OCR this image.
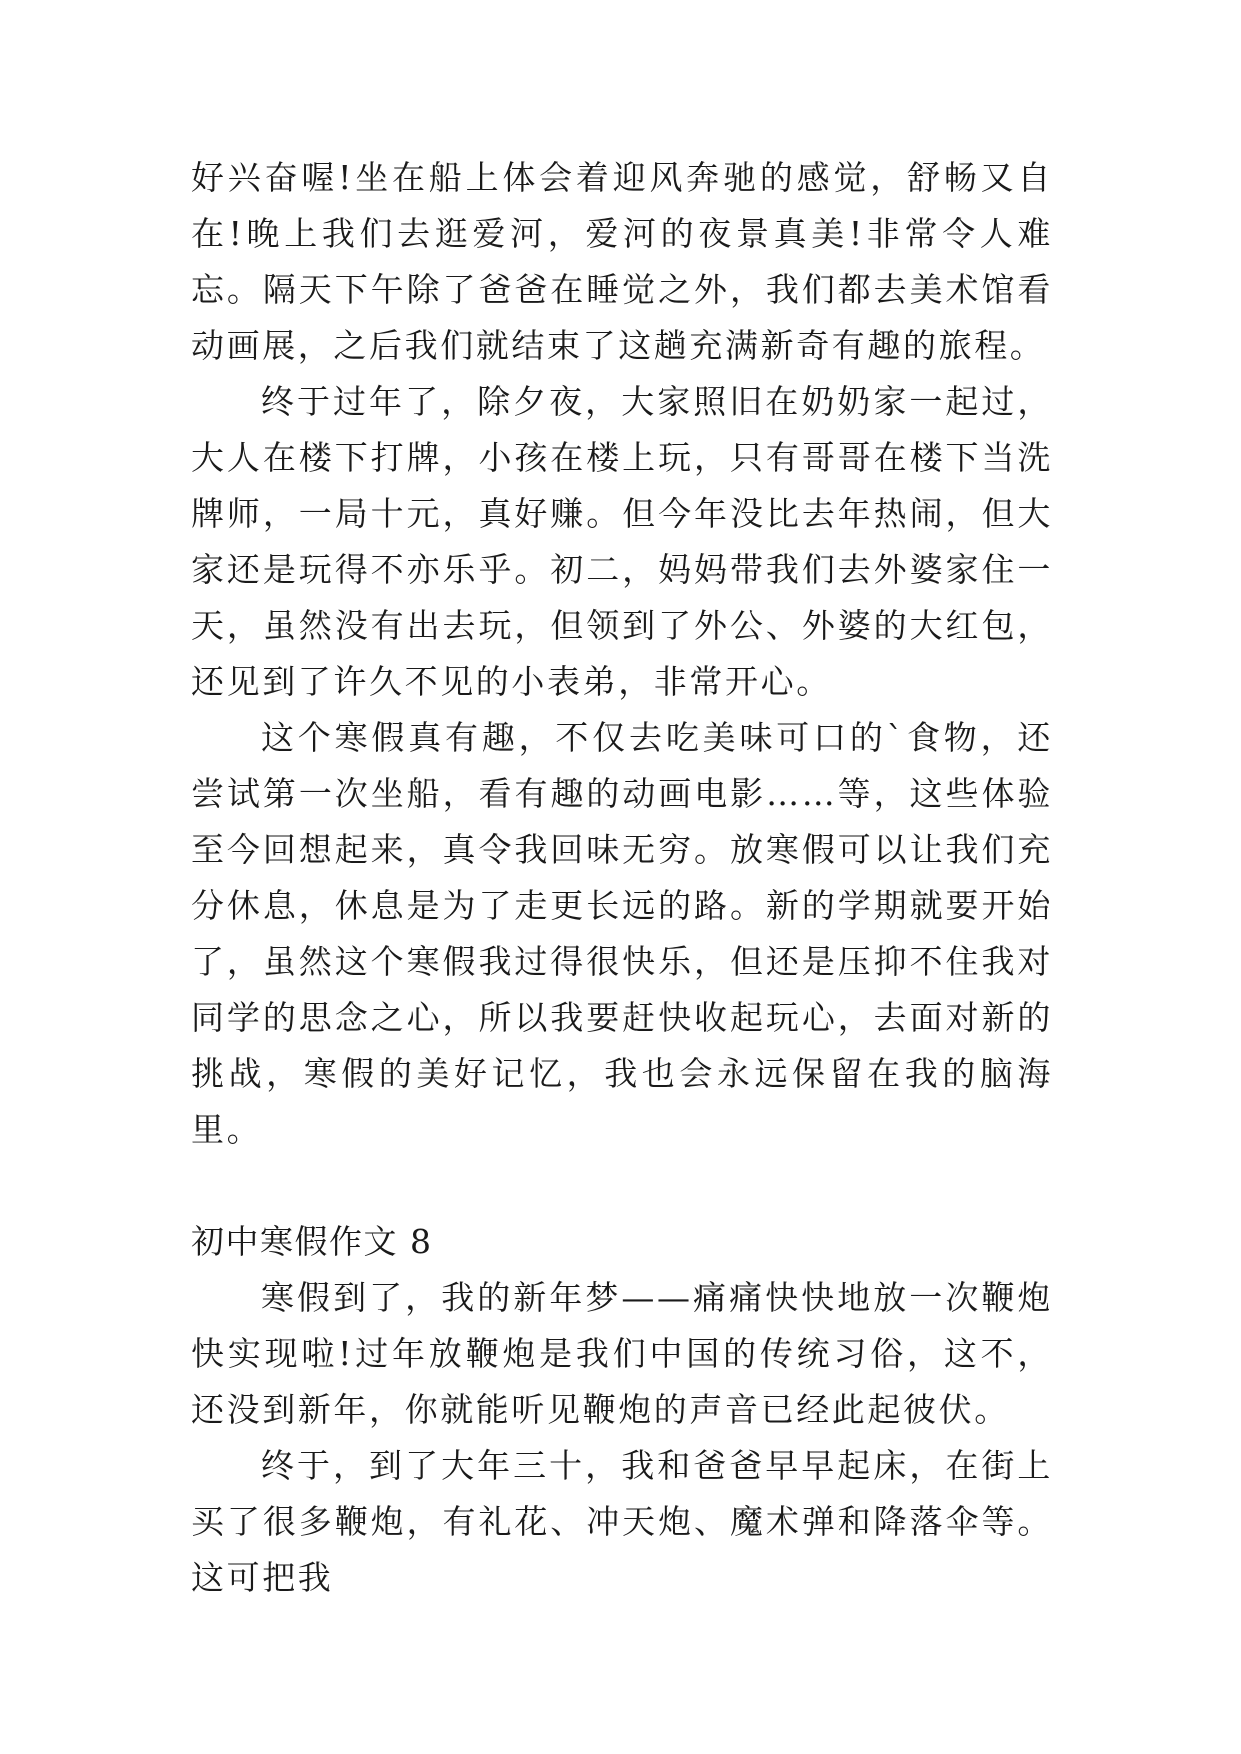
好兴奋喔!坐在船上体会着迎风奔驰的感觉，舒畅又自在!晚上我们去逛爱河，爱河的夜景真美!非常令人难忘。隔天下午除了爸爸在睡觉之外，我们都去美术馆看动画展，之后我们就结束了这趟充满新奇有趣的旅程。

终于过年了，除夕夜，大家照旧在奶奶家一起过，大人在楼下打牌，小孩在楼上玩，只有哥哥在楼下当洗牌师，一局十元，真好赚。但今年没比去年热闹，但大家还是玩得不亦乐乎。初二，妈妈带我们去外婆家住一天，虽然没有出去玩，但领到了外公、外婆的大红包，还见到了许久不见的小表弟，非常开心。

这个寒假真有趣，不仅去吃美味可口的`食物，还尝试第一次坐船，看有趣的动画电影……等，这些体验至今回想起来，真令我回味无穷。放寒假可以让我们充分休息，休息是为了走更长远的路。新的学期就要开始了，虽然这个寒假我过得很快乐，但还是压抑不住我对同学的思念之心，所以我要赶快收起玩心，去面对新的挑战，寒假的美好记忆，我也会永远保留在我的脑海里。

初中寒假作文 8

寒假到了，我的新年梦——痛痛快快地放一次鞭炮快实现啦!过年放鞭炮是我们中国的传统习俗，这不，还没到新年，你就能听见鞭炮的声音已经此起彼伏。

终于，到了大年三十，我和爸爸早早起床，在街上买了很多鞭炮，有礼花、冲天炮、魔术弹和降落伞等。这可把我
